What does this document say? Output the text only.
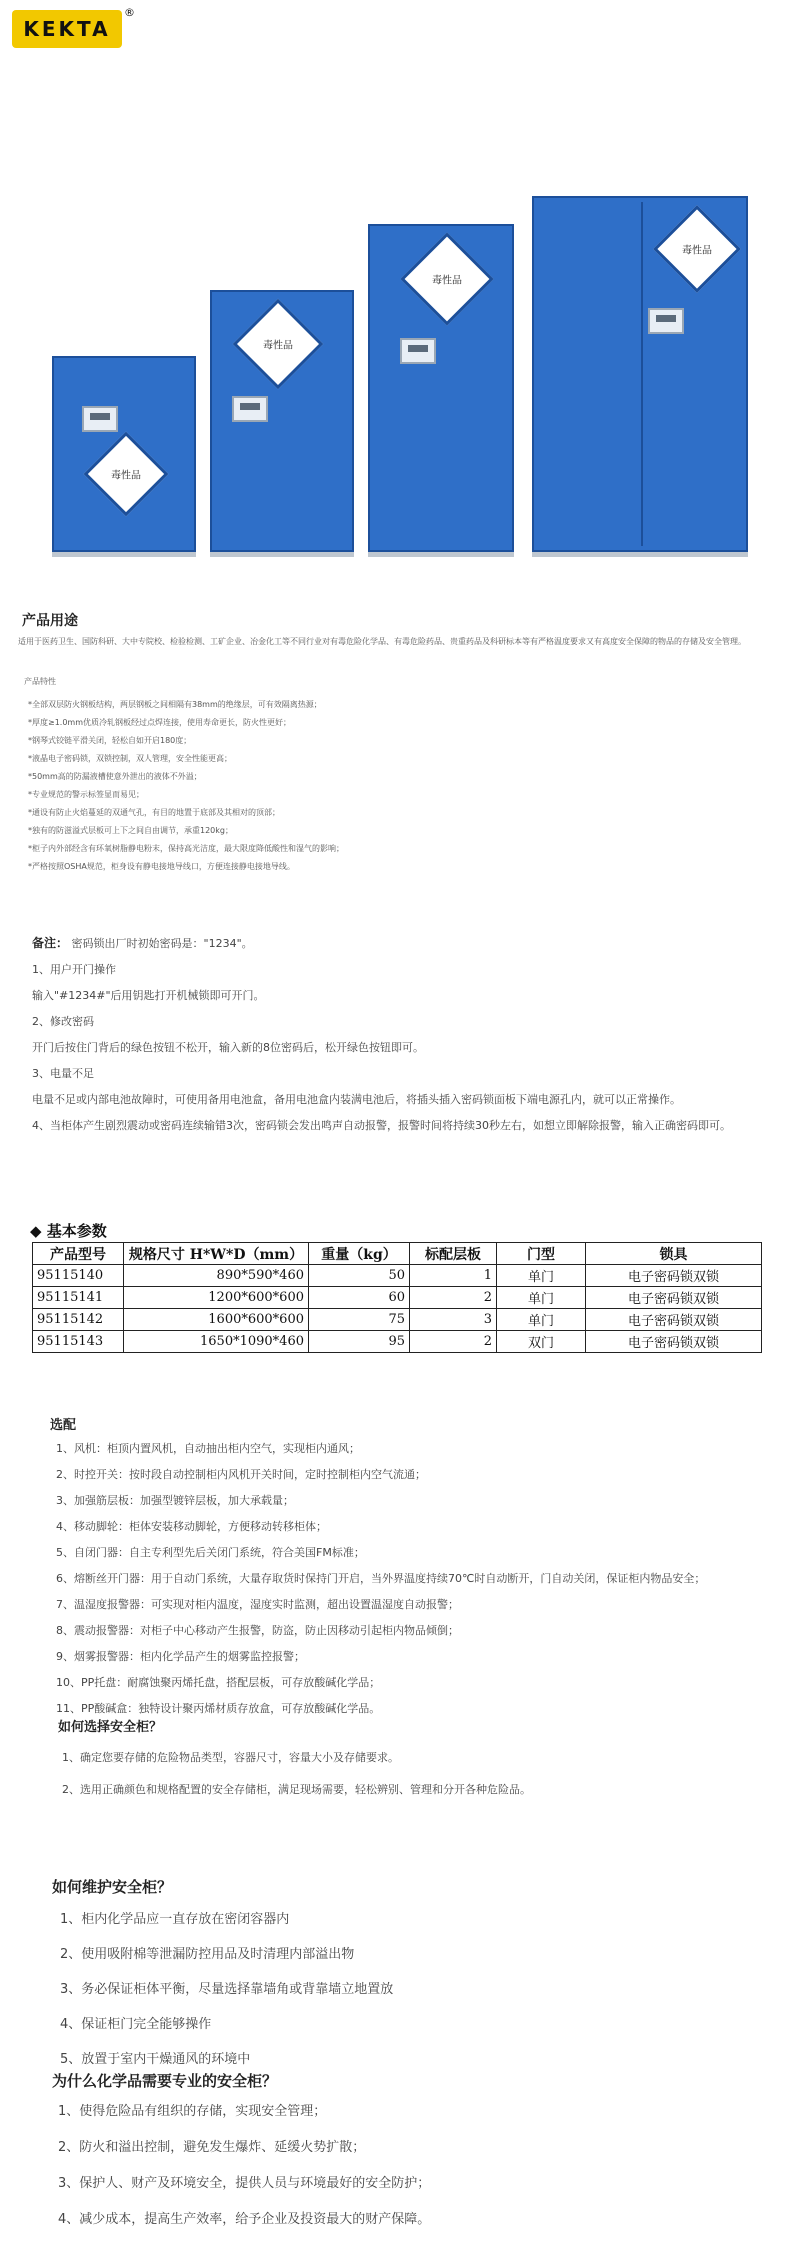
KEKTA
®
毒性品
毒性品
毒性品
毒性品
产品用途
适用于医药卫生、国防科研、大中专院校、检验检测、工矿企业、冶金化工等不同行业对有毒危险化学品、有毒危险药品、贵重药品及科研标本等有严格温度要求又有高度安全保障的物品的存储及安全管理。
产品特性
*全部双层防火钢板结构，两层钢板之间相隔有38mm的绝缘层，可有效隔离热源；
*厚度≥1.0mm优质冷轧钢板经过点焊连接，使用寿命更长，防火性更好；
*钢琴式铰链平滑关闭，轻松自如开启180度；
*液晶电子密码锁，双锁控制，双人管理，安全性能更高；
*50mm高的防漏液槽使意外泄出的液体不外溢；
*专业规范的警示标签显而易见；
*通设有防止火焰蔓延的双通气孔，有目的地置于底部及其相对的顶部；
*独有的防滋溢式层板可上下之间自由调节，承重120kg；
*柜子内外部经含有环氧树脂静电粉末，保持高光洁度，最大限度降低酸性和湿气的影响；
*严格按照OSHA规范，柜身设有静电接地导线口，方便连接静电接地导线。
备注： 密码锁出厂时初始密码是："1234"。
1、用户开门操作
输入"#1234#"后用钥匙打开机械锁即可开门。
2、修改密码
开门后按住门背后的绿色按钮不松开，输入新的8位密码后，松开绿色按钮即可。
3、电量不足
电量不足或内部电池故障时，可使用备用电池盒，备用电池盒内装满电池后，将插头插入密码锁面板下端电源孔内，就可以正常操作。
4、当柜体产生剧烈震动或密码连续输错3次，密码锁会发出鸣声自动报警，报警时间将持续30秒左右，如想立即解除报警，输入正确密码即可。
◆ 基本参数
产品型号	规格尺寸 H*W*D（mm）	重量（kg）	标配层板	门型	锁具
95115140	890*590*460	50	1	单门	电子密码锁双锁
95115141	1200*600*600	60	2	单门	电子密码锁双锁
95115142	1600*600*600	75	3	单门	电子密码锁双锁
95115143	1650*1090*460	95	2	双门	电子密码锁双锁
选配
1、风机：柜顶内置风机，自动抽出柜内空气，实现柜内通风；
2、时控开关：按时段自动控制柜内风机开关时间，定时控制柜内空气流通；
3、加强筋层板：加强型镀锌层板，加大承载量；
4、移动脚轮：柜体安装移动脚轮，方便移动转移柜体；
5、自闭门器：自主专利型先后关闭门系统，符合美国FM标准；
6、熔断丝开门器：用于自动门系统，大量存取货时保持门开启，当外界温度持续70℃时自动断开，门自动关闭，保证柜内物品安全；
7、温湿度报警器：可实现对柜内温度，湿度实时监测，超出设置温湿度自动报警；
8、震动报警器：对柜子中心移动产生报警，防盗，防止因移动引起柜内物品倾倒；
9、烟雾报警器：柜内化学品产生的烟雾监控报警；
10、PP托盘：耐腐蚀聚丙烯托盘，搭配层板，可存放酸碱化学品；
11、PP酸碱盒：独特设计聚丙烯材质存放盒，可存放酸碱化学品。
如何选择安全柜？
1、确定您要存储的危险物品类型，容器尺寸，容量大小及存储要求。
2、选用正确颜色和规格配置的安全存储柜，满足现场需要，轻松辨别、管理和分开各种危险品。
如何维护安全柜？
1、柜内化学品应一直存放在密闭容器内
2、使用吸附棉等泄漏防控用品及时清理内部溢出物
3、务必保证柜体平衡，尽量选择靠墙角或背靠墙立地置放
4、保证柜门完全能够操作
5、放置于室内干燥通风的环境中
为什么化学品需要专业的安全柜？
1、使得危险品有组织的存储，实现安全管理；
2、防火和溢出控制，避免发生爆炸、延缓火势扩散；
3、保护人、财产及环境安全，提供人员与环境最好的安全防护；
4、减少成本，提高生产效率，给予企业及投资最大的财产保障。
